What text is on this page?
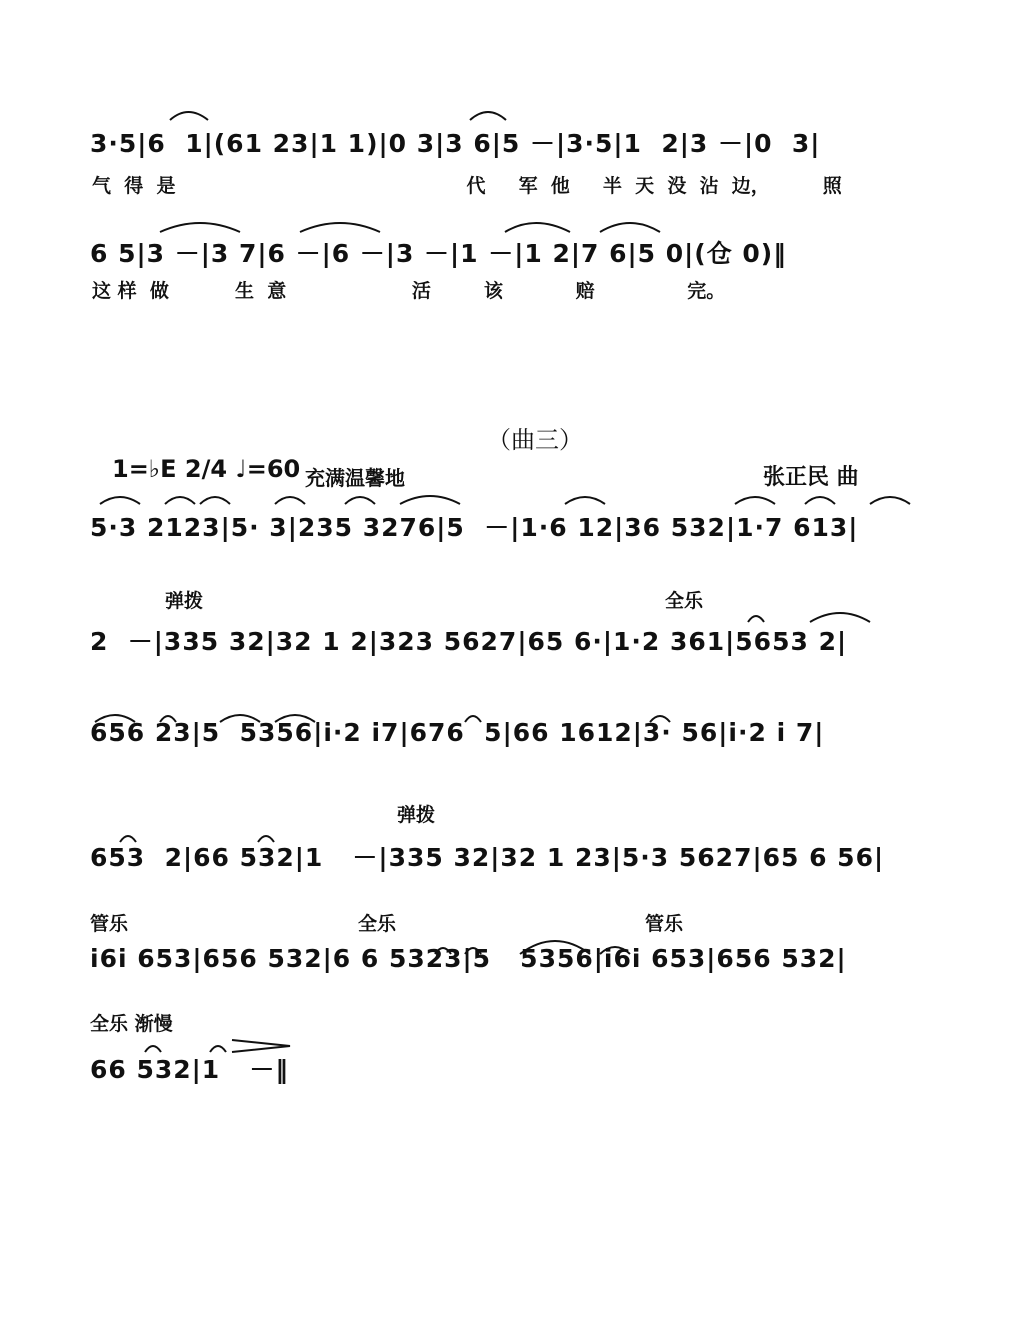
3·5|6  1|(61 23|1 1)|0 3|3 6|5 －|3·5|1  2|3 －|0  3|
气  得  是                                            代     军  他     半  天  没  沾  边，        照
6 5|3 －|3 7|6 －|6 －|3 －|1 －|1 2|7 6|5 0|(仓 0)‖
这 样  做          生  意                   活        该           赔              完。
（曲三）
1=♭E 2/4 ♩=60 充满温馨地	张正民 曲
5·3 2123|5· 3|235 3276|5  －|1·6 12|36 532|1·7 613|
弹拨	全乐
2  －|335 32|32 1 2|323 5627|65 6·|1·2 361|5653 2|
656 23|5  5356|i·2 i7|676  5|66 1612|3· 56|i·2 i 7|
弹拨
653  2|66 532|1   －|335 32|32 1 23|5·3 5627|65 6 56|
管乐	全乐	管乐
i6i 653|656 532|6 6 5323|5   5356|i6i 653|656 532|
全乐 渐慢
66 532|1   －‖
